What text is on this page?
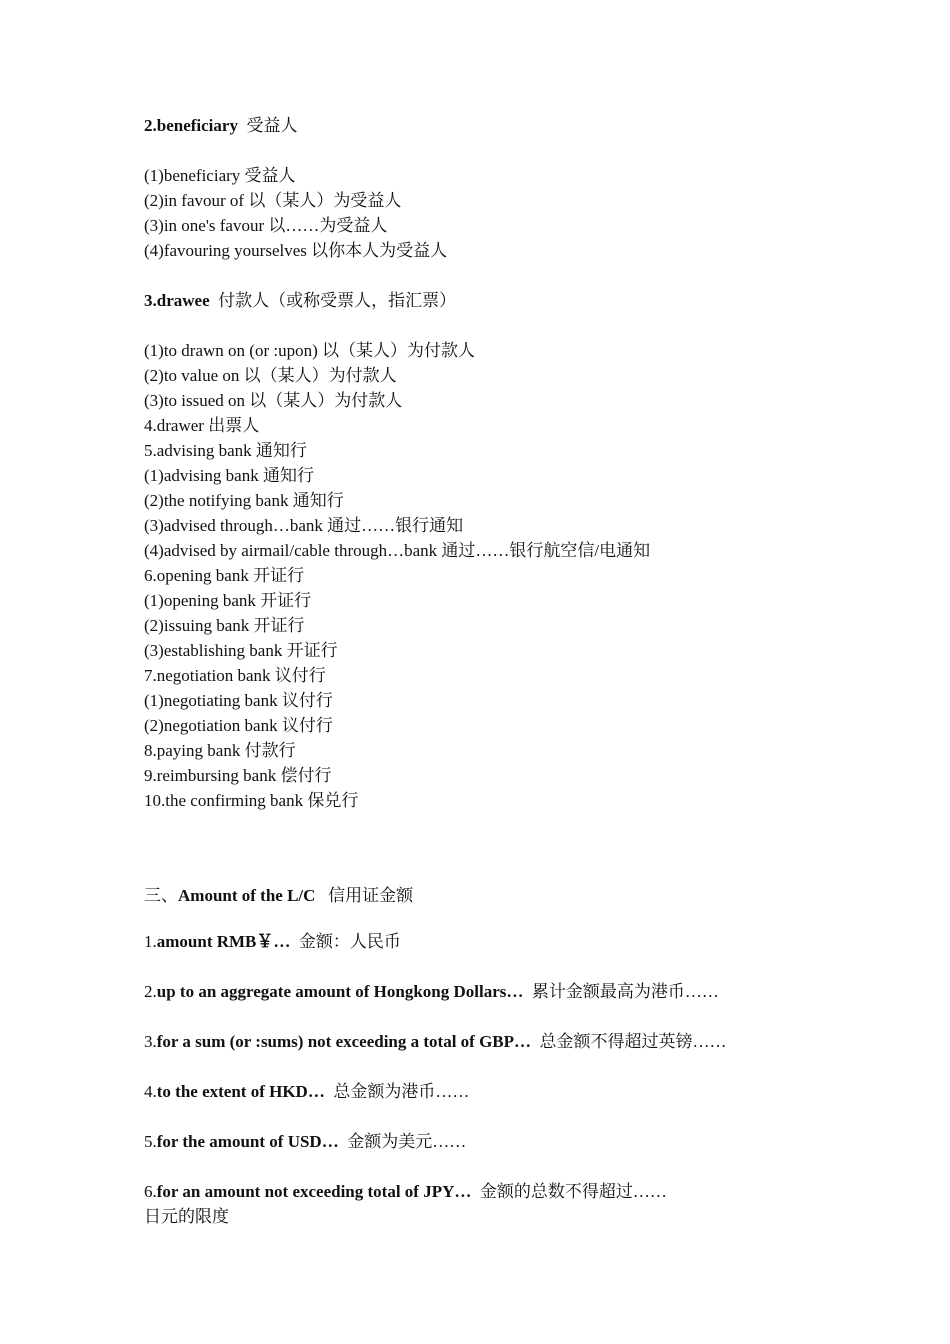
2.beneficiary 受益人
(1)beneficiary 受益人
(2)in favour of 以（某人）为受益人
(3)in one's favour 以……为受益人
(4)favouring yourselves 以你本人为受益人
3.drawee 付款人（或称受票人，指汇票）
(1)to drawn on (or :upon) 以（某人）为付款人
(2)to value on 以（某人）为付款人
(3)to issued on 以（某人）为付款人
4.drawer 出票人
5.advising bank 通知行
(1)advising bank 通知行
(2)the notifying bank 通知行
(3)advised through…bank 通过……银行通知
(4)advised by airmail/cable through…bank 通过……银行航空信/电通知
6.opening bank 开证行
(1)opening bank 开证行
(2)issuing bank 开证行
(3)establishing bank 开证行
7.negotiation bank 议付行
(1)negotiating bank 议付行
(2)negotiation bank 议付行
8.paying bank 付款行
9.reimbursing bank 偿付行
10.the confirming bank 保兑行
三、Amount of the L/C 信用证金额
1.amount RMB￥… 金额：人民币
2.up to an aggregate amount of Hongkong Dollars… 累计金额最高为港币……
3.for a sum (or :sums) not exceeding a total of GBP… 总金额不得超过英镑……
4.to the extent of HKD… 总金额为港币……
5.for the amount of USD… 金额为美元……
6.for an amount not exceeding total of JPY… 金额的总数不得超过……
日元的限度
